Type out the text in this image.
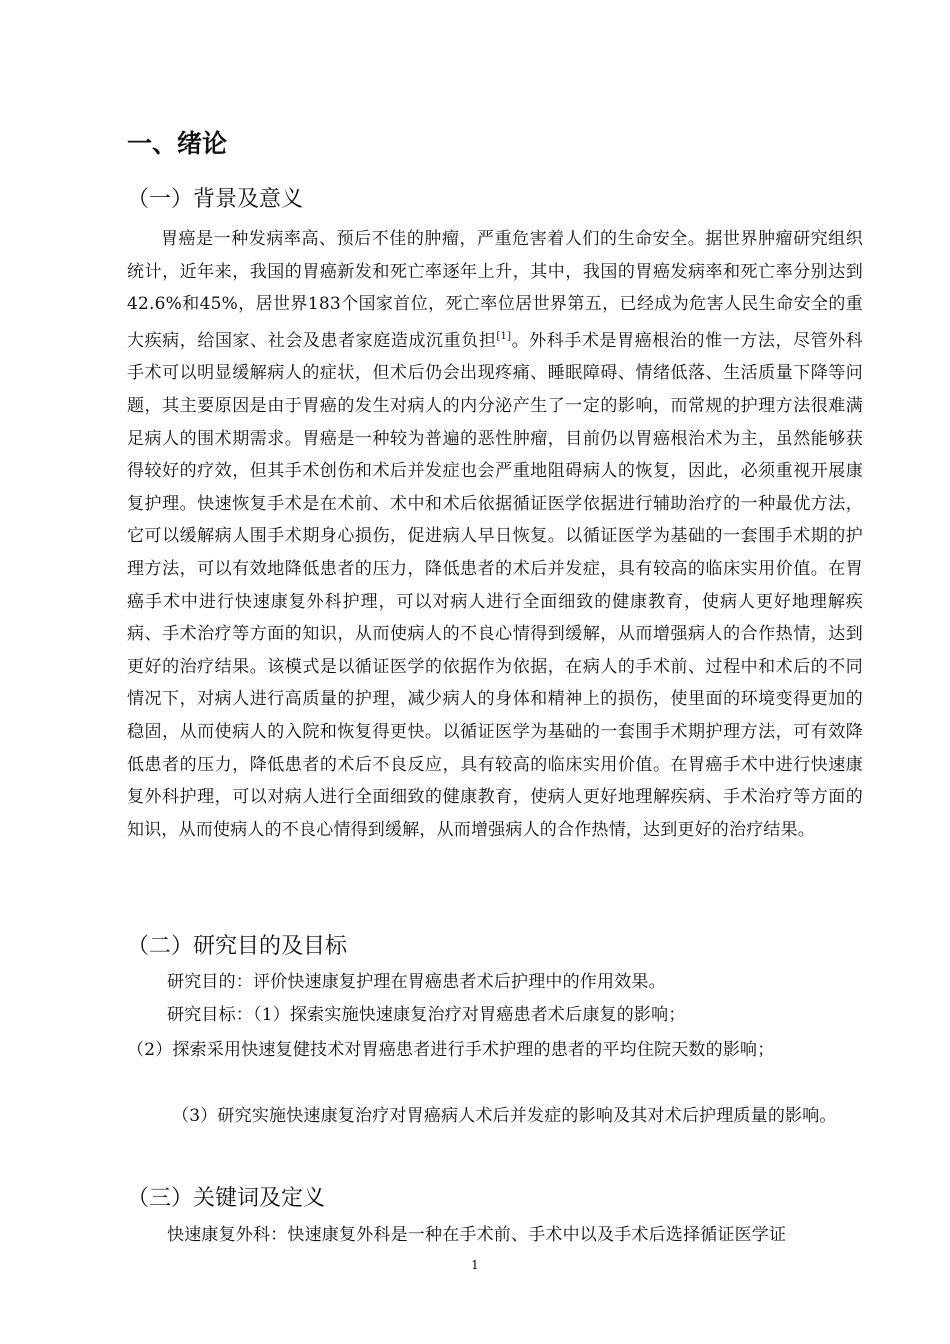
一、绪论
（一）背景及意义

胃癌是一种发病率高、预后不佳的肿瘤，严重危害着人们的生命安全。据世界肿瘤研究组织统计，近年来，我国的胃癌新发和死亡率逐年上升，其中，我国的胃癌发病率和死亡率分别达到42.6%和45%，居世界183个国家首位，死亡率位居世界第五，已经成为危害人民生命安全的重大疾病，给国家、社会及患者家庭造成沉重负担[1]。外科手术是胃癌根治的惟一方法，尽管外科手术可以明显缓解病人的症状，但术后仍会出现疼痛、睡眠障碍、情绪低落、生活质量下降等问题，其主要原因是由于胃癌的发生对病人的内分泌产生了一定的影响，而常规的护理方法很难满足病人的围术期需求。胃癌是一种较为普遍的恶性肿瘤，目前仍以胃癌根治术为主，虽然能够获得较好的疗效，但其手术创伤和术后并发症也会严重地阻碍病人的恢复，因此，必须重视开展康复护理。快速恢复手术是在术前、术中和术后依据循证医学依据进行辅助治疗的一种最优方法，它可以缓解病人围手术期身心损伤，促进病人早日恢复。以循证医学为基础的一套围手术期的护理方法，可以有效地降低患者的压力，降低患者的术后并发症，具有较高的临床实用价值。在胃癌手术中进行快速康复外科护理，可以对病人进行全面细致的健康教育，使病人更好地理解疾病、手术治疗等方面的知识，从而使病人的不良心情得到缓解，从而增强病人的合作热情，达到更好的治疗结果。该模式是以循证医学的依据作为依据，在病人的手术前、过程中和术后的不同情况下，对病人进行高质量的护理，减少病人的身体和精神上的损伤，使里面的环境变得更加的稳固，从而使病人的入院和恢复得更快。以循证医学为基础的一套围手术期护理方法，可有效降低患者的压力，降低患者的术后不良反应，具有较高的临床实用价值。在胃癌手术中进行快速康复外科护理，可以对病人进行全面细致的健康教育，使病人更好地理解疾病、手术治疗等方面的知识，从而使病人的不良心情得到缓解，从而增强病人的合作热情，达到更好的治疗结果。

（二）研究目的及目标

研究目的：评价快速康复护理在胃癌患者术后护理中的作用效果。

研究目标：（1）探索实施快速康复治疗对胃癌患者术后康复的影响；

（2）探索采用快速复健技术对胃癌患者进行手术护理的患者的平均住院天数的影响；

（3）研究实施快速康复治疗对胃癌病人术后并发症的影响及其对术后护理质量的影响。

（三）关键词及定义

快速康复外科：快速康复外科是一种在手术前、手术中以及手术后选择循证医学证

1
